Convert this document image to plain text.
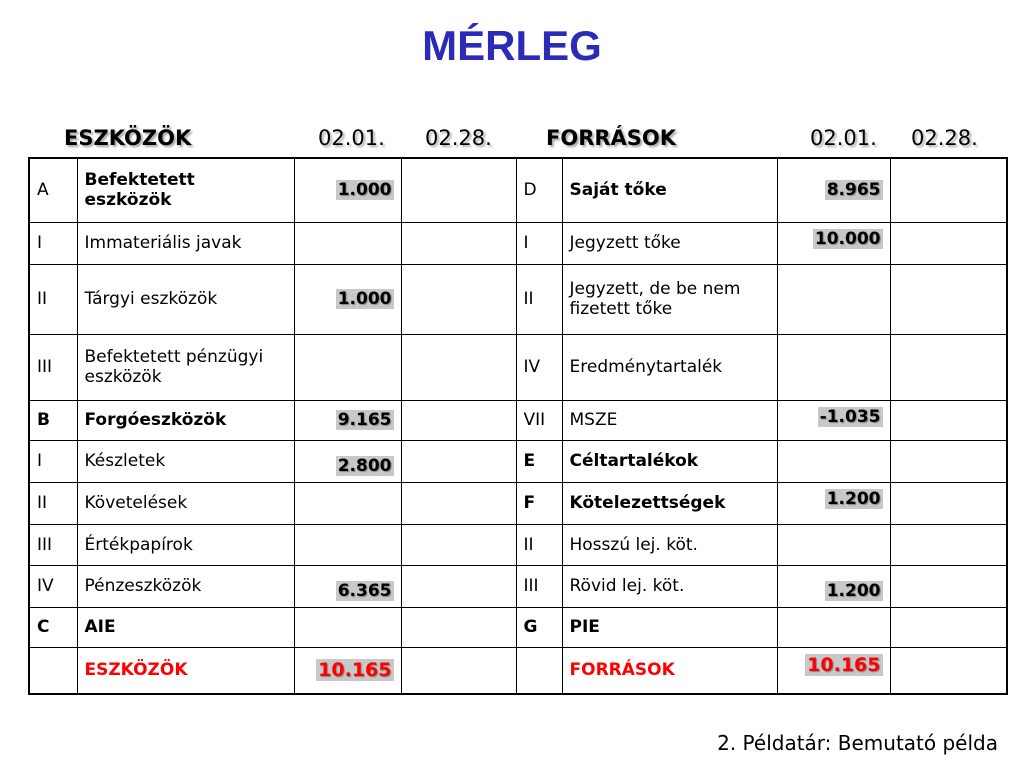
MÉRLEG
ESZKÖZÖK	02.01. 02.28.	FORRÁSOK	02.01. 02.28.
A	Befektetett eszközök	1.000		D	Saját tőke	8.965	
I	Immateriális javak			I	Jegyzett tőke	10.000	
II	Tárgyi eszközök	1.000		II	Jegyzett, de be nem fizetett tőke		
III	Befektetett pénzügyi eszközök			IV	Eredménytartalék		
B	Forgóeszközök	9.165		VII	MSZE	-1.035	
I	Készletek	2.800		E	Céltartalékok		
II	Követelések			F	Kötelezettségek	1.200	
III	Értékpapírok			II	Hosszú lej. köt.		
IV	Pénzeszközök	6.365		III	Rövid lej. köt.	1.200	
C	AIE			G	PIE		
	ESZKÖZÖK	10.165			FORRÁSOK	10.165	
2. Példatár: Bemutató példa
